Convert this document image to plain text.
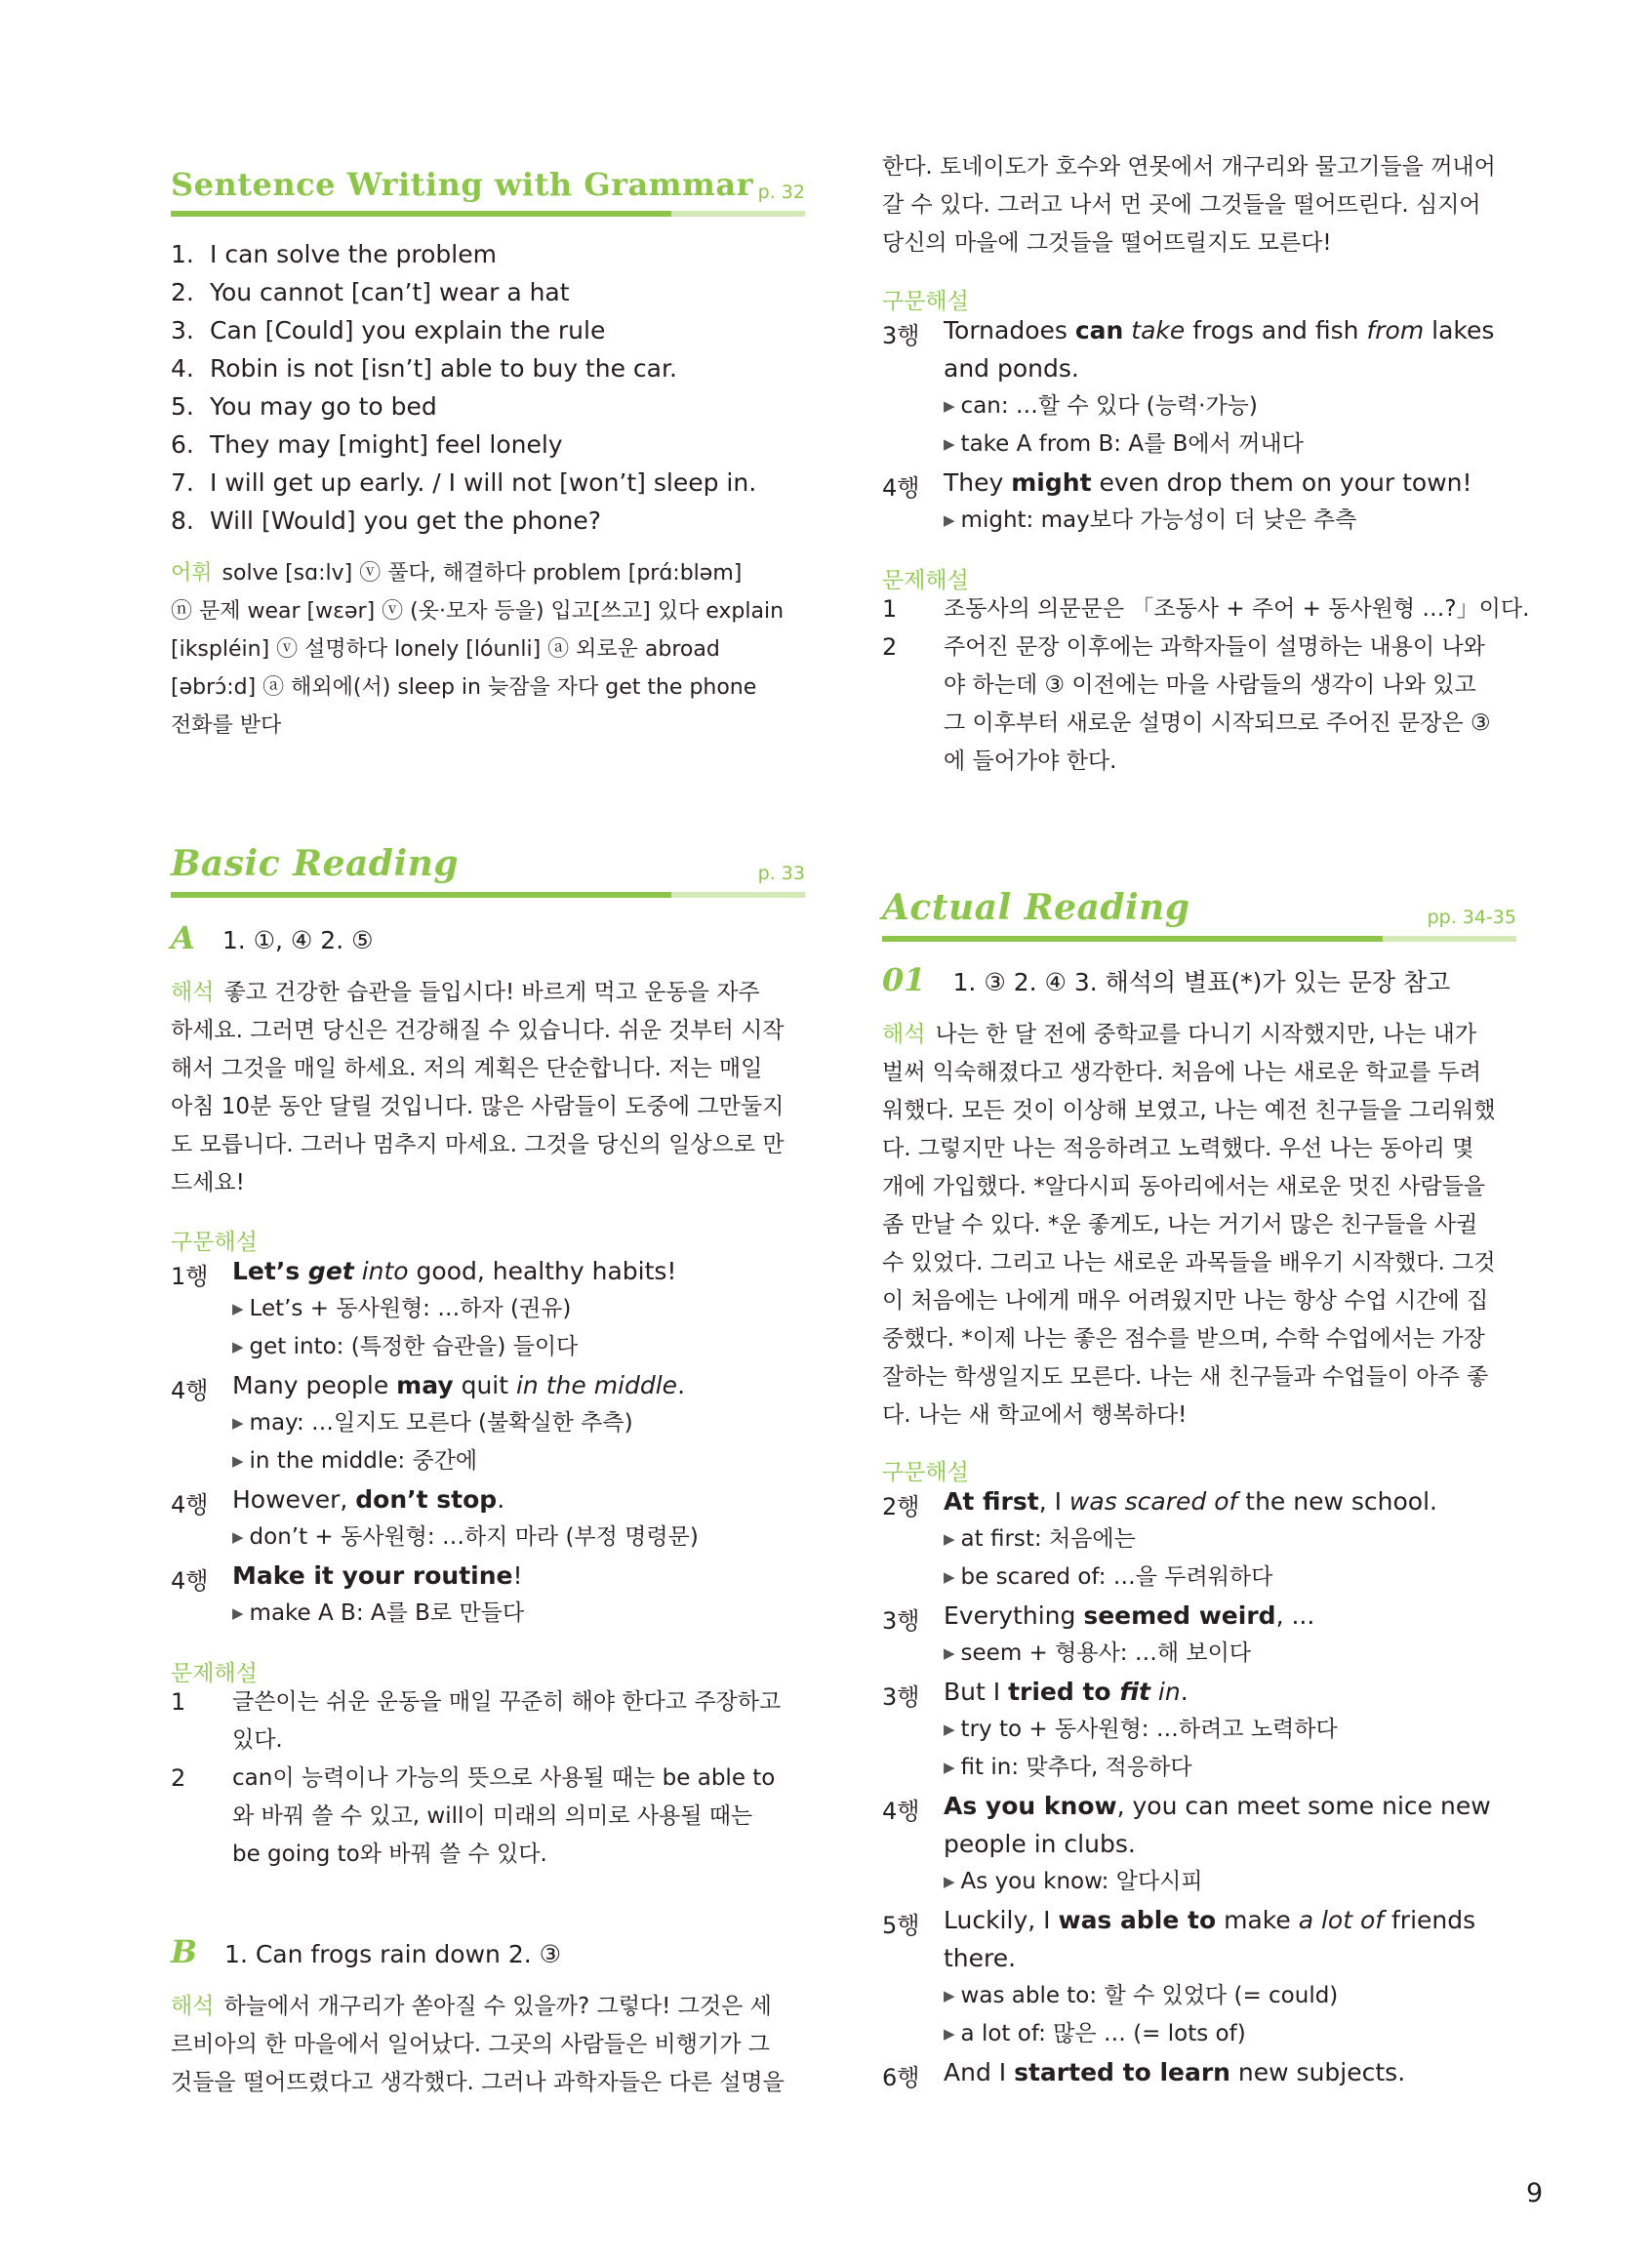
Sentence Writing with Grammar p. 32
1. I can solve the problem
2. You cannot [can’t] wear a hat
3. Can [Could] you explain the rule
4. Robin is not [isn’t] able to buy the car.
5. You may go to bed
6. They may [might] feel lonely
7. I will get up early. / I will not [won’t] sleep in.
8. Will [Would] you get the phone?
어휘 solve [sɑ:lv] ⓥ 풀다, 해결하다 problem [prɑ́:bləm]
ⓝ 문제 wear [wɛər] ⓥ (옷·모자 등을) 입고[쓰고] 있다 explain
[ikspléin] ⓥ 설명하다 lonely [lóunli] ⓐ 외로운 abroad
[əbrɔ́:d] ⓐ 해외에(서) sleep in 늦잠을 자다 get the phone
전화를 받다
Basic Reading	p. 33
A 1. ①, ④ 2. ⑤
해석 좋고 건강한 습관을 들입시다! 바르게 먹고 운동을 자주
하세요. 그러면 당신은 건강해질 수 있습니다. 쉬운 것부터 시작
해서 그것을 매일 하세요. 저의 계획은 단순합니다. 저는 매일
아침 10분 동안 달릴 것입니다. 많은 사람들이 도중에 그만둘지
도 모릅니다. 그러나 멈추지 마세요. 그것을 당신의 일상으로 만
드세요!
구문해설
1행 Let’s get into good, healthy habits!
▶ Let’s + 동사원형: …하자 (권유)
▶ get into: (특정한 습관을) 들이다
4행 Many people may quit in the middle.
▶ may: …일지도 모른다 (불확실한 추측)
▶ in the middle: 중간에
4행 However, don’t stop.
▶ don’t + 동사원형: …하지 마라 (부정 명령문)
4행 Make it your routine!
▶ make A B: A를 B로 만들다
문제해설
1 글쓴이는 쉬운 운동을 매일 꾸준히 해야 한다고 주장하고
있다.
2 can이 능력이나 가능의 뜻으로 사용될 때는 be able to
와 바꿔 쓸 수 있고, will이 미래의 의미로 사용될 때는
be going to와 바꿔 쓸 수 있다.
B 1. Can frogs rain down 2. ③
해석 하늘에서 개구리가 쏟아질 수 있을까? 그렇다! 그것은 세
르비아의 한 마을에서 일어났다. 그곳의 사람들은 비행기가 그
것들을 떨어뜨렸다고 생각했다. 그러나 과학자들은 다른 설명을
한다. 토네이도가 호수와 연못에서 개구리와 물고기들을 꺼내어
갈 수 있다. 그러고 나서 먼 곳에 그것들을 떨어뜨린다. 심지어
당신의 마을에 그것들을 떨어뜨릴지도 모른다!
구문해설
3행 Tornadoes can take frogs and fish from lakes
and ponds.
▶ can: …할 수 있다 (능력·가능)
▶ take A from B: A를 B에서 꺼내다
4행 They might even drop them on your town!
▶ might: may보다 가능성이 더 낮은 추측
문제해설
1 조동사의 의문문은 「조동사 + 주어 + 동사원형 …?」이다.
2 주어진 문장 이후에는 과학자들이 설명하는 내용이 나와
야 하는데 ③ 이전에는 마을 사람들의 생각이 나와 있고
그 이후부터 새로운 설명이 시작되므로 주어진 문장은 ③
에 들어가야 한다.
Actual Reading	pp. 34-35
01 1. ③ 2. ④ 3. 해석의 별표(*)가 있는 문장 참고
해석 나는 한 달 전에 중학교를 다니기 시작했지만, 나는 내가
벌써 익숙해졌다고 생각한다. 처음에 나는 새로운 학교를 두려
워했다. 모든 것이 이상해 보였고, 나는 예전 친구들을 그리워했
다. 그렇지만 나는 적응하려고 노력했다. 우선 나는 동아리 몇
개에 가입했다. *알다시피 동아리에서는 새로운 멋진 사람들을
좀 만날 수 있다. *운 좋게도, 나는 거기서 많은 친구들을 사귈
수 있었다. 그리고 나는 새로운 과목들을 배우기 시작했다. 그것
이 처음에는 나에게 매우 어려웠지만 나는 항상 수업 시간에 집
중했다. *이제 나는 좋은 점수를 받으며, 수학 수업에서는 가장
잘하는 학생일지도 모른다. 나는 새 친구들과 수업들이 아주 좋
다. 나는 새 학교에서 행복하다!
구문해설
2행 At first, I was scared of the new school.
▶ at first: 처음에는
▶ be scared of: …을 두려워하다
3행 Everything seemed weird, ...
▶ seem + 형용사: …해 보이다
3행 But I tried to fit in.
▶ try to + 동사원형: …하려고 노력하다
▶ fit in: 맞추다, 적응하다
4행 As you know, you can meet some nice new
people in clubs.
▶ As you know: 알다시피
5행 Luckily, I was able to make a lot of friends
there.
▶ was able to: 할 수 있었다 (= could)
▶ a lot of: 많은 … (= lots of)
6행 And I started to learn new subjects.
9
